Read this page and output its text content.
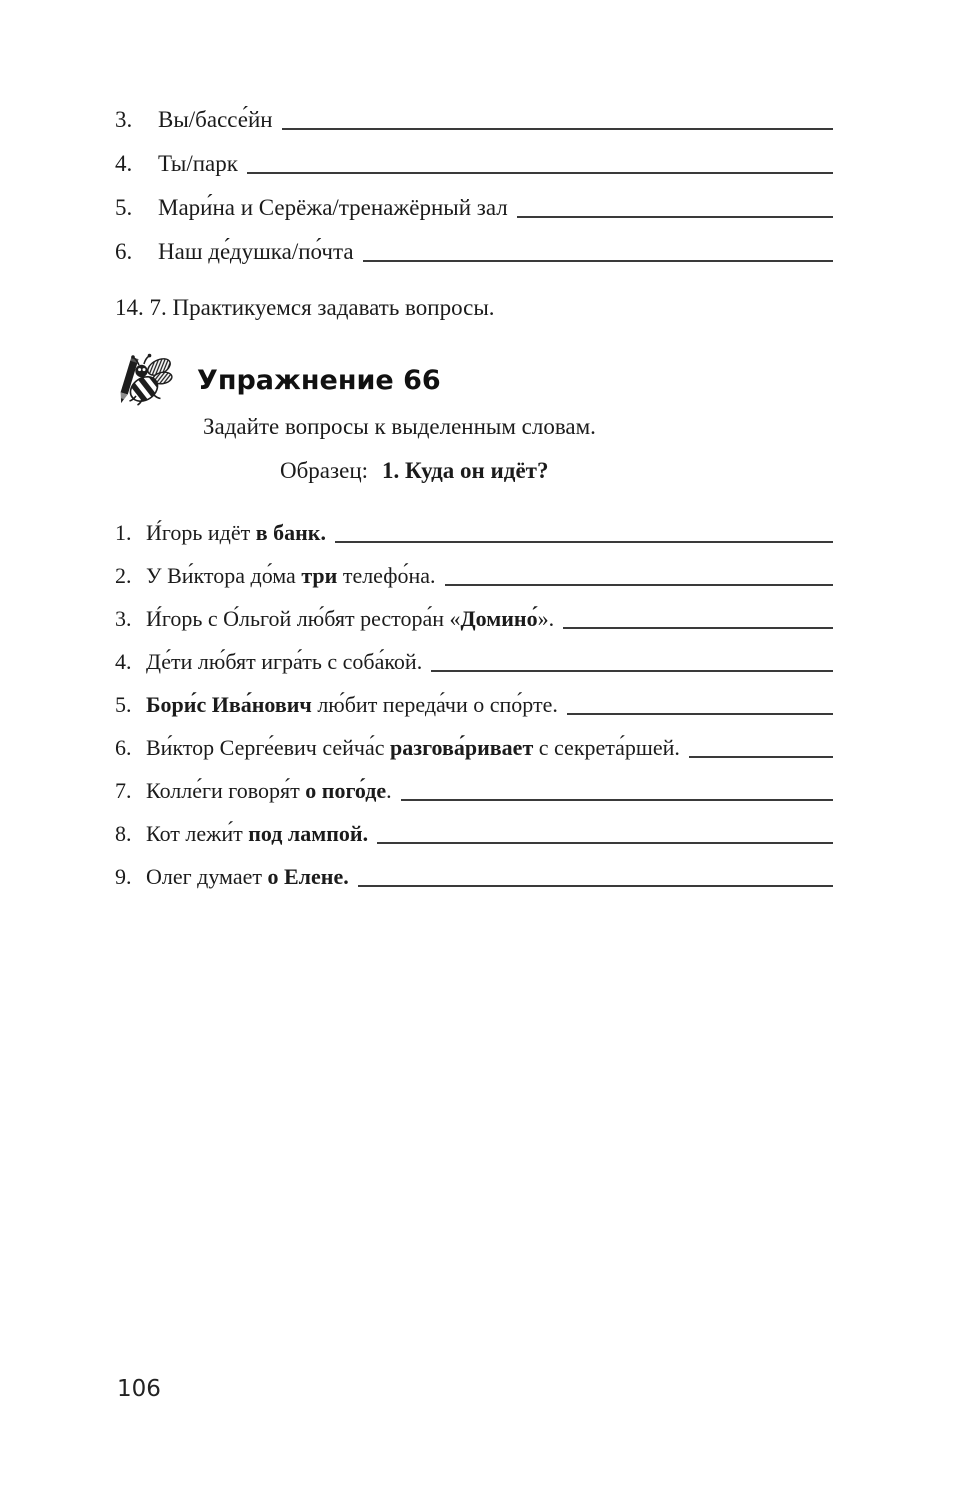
3.	Вы/бассе́йн
4.	Ты/парк
5.	Мари́на и Серёжа/тренажёрный зал
6.	Наш де́душка/по́чта
14. 7. Практикуемся задавать вопросы.
Упражнение 66
Задайте вопросы к выделенным словам.
Образец: 1. Куда он идёт?
1. И́горь идёт в банк.
2. У Ви́ктора до́ма три телефо́на.
3. И́горь с О́льгой лю́бят рестора́н «Домино́».
4. Де́ти лю́бят игра́ть с соба́кой.
5. Бори́с Ива́нович лю́бит переда́чи о спо́рте.
6. Ви́ктор Серге́евич сейча́с разгова́ривает с секрета́ршей.
7. Колле́ги говоря́т о пого́де.
8. Кот лежи́т под лампой.
9. Олег думает о Елене.
106
